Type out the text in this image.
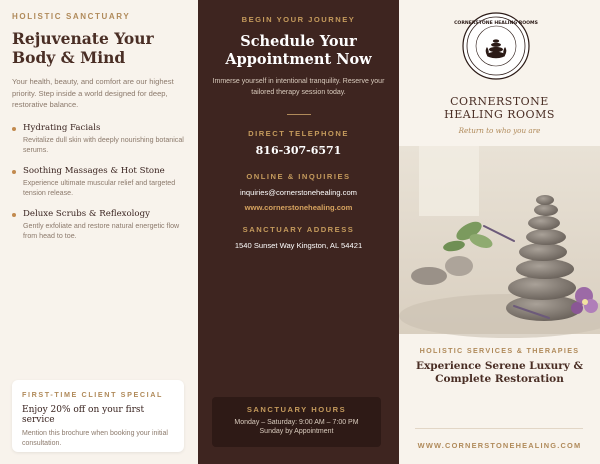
HOLISTIC SANCTUARY
Rejuvenate Your Body & Mind

Your health, beauty, and comfort are our highest priority. Step inside a world designed for deep, restorative balance.

Hydrating Facials
Revitalize dull skin with deeply nourishing botanical serums.
Soothing Massages & Hot Stone
Experience ultimate muscular relief and targeted tension release.
Deluxe Scrubs & Reflexology
Gently exfoliate and restore natural energetic flow from head to toe.
FIRST-TIME CLIENT SPECIAL
Enjoy 20% off on your first service
Mention this brochure when booking your initial consultation.
BEGIN YOUR JOURNEY
Schedule Your
Appointment Now

Immerse yourself in intentional tranquility. Reserve your tailored therapy session today.

DIRECT TELEPHONE
816-307-6571
ONLINE & INQUIRIES
inquiries@cornerstonehealing.com
www.cornerstonehealing.com
SANCTUARY ADDRESS
1540 Sunset Way Kingston, AL 54421
SANCTUARY HOURS
Monday – Saturday: 9:00 AM – 7:00 PM
Sunday by Appointment
CORNERSTONE HEALING ROOMS
CORNERSTONE
HEALING ROOMS
Return to who you are
HOLISTIC SERVICES & THERAPIES
Experience Serene Luxury &
Complete Restoration
WWW.CORNERSTONEHEALING.COM
